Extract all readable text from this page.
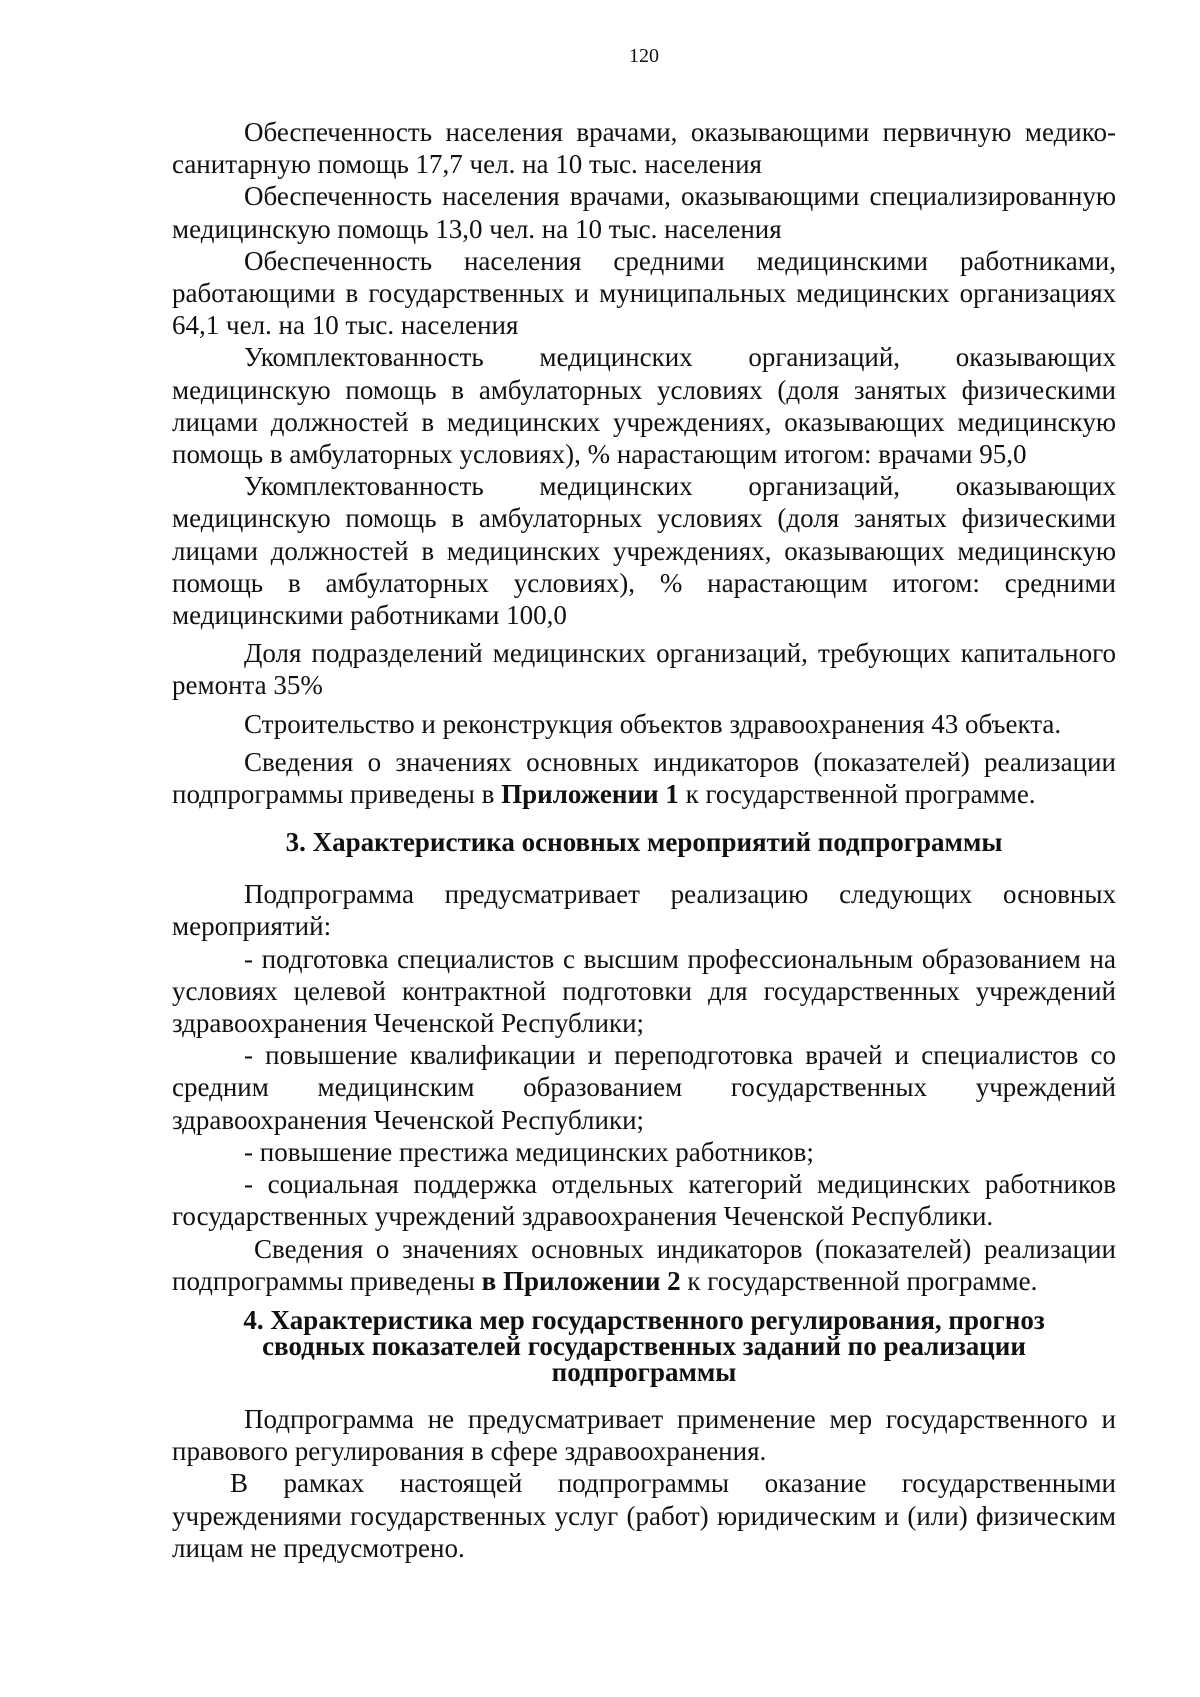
120

Обеспеченность населения врачами, оказывающими первичную медико-санитарную помощь 17,7 чел. на 10 тыс. населения

Обеспеченность населения врачами, оказывающими специализированную медицинскую помощь 13,0 чел. на 10 тыс. населения

Обеспеченность населения средними медицинскими работниками, работающими в государственных и муниципальных медицинских организациях 64,1 чел. на 10 тыс. населения

Укомплектованность медицинских организаций, оказывающих медицинскую помощь в амбулаторных условиях (доля занятых физическими лицами должностей в медицинских учреждениях, оказывающих медицинскую помощь в амбулаторных условиях), % нарастающим итогом: врачами 95,0

Укомплектованность медицинских организаций, оказывающих медицинскую помощь в амбулаторных условиях (доля занятых физическими лицами должностей в медицинских учреждениях, оказывающих медицинскую помощь в амбулаторных условиях), % нарастающим итогом: средними медицинскими работниками 100,0

Доля подразделений медицинских организаций, требующих капитального ремонта 35%

Строительство и реконструкция объектов здравоохранения 43 объекта.

Сведения о значениях основных индикаторов (показателей) реализации подпрограммы приведены в Приложении 1 к государственной программе.

3. Характеристика основных мероприятий подпрограммы

Подпрограмма предусматривает реализацию следующих основных мероприятий:

- подготовка специалистов с высшим профессиональным образованием на условиях целевой контрактной подготовки для государственных учреждений здравоохранения Чеченской Республики;

- повышение квалификации и переподготовка врачей и специалистов со средним медицинским образованием государственных учреждений здравоохранения Чеченской Республики;

- повышение престижа медицинских работников;

- социальная поддержка отдельных категорий медицинских работников государственных учреждений здравоохранения Чеченской Республики.

Сведения о значениях основных индикаторов (показателей) реализации подпрограммы приведены в Приложении 2 к государственной программе.

4. Характеристика мер государственного регулирования, прогноз сводных показателей государственных заданий по реализации подпрограммы

Подпрограмма не предусматривает применение мер государственного и правового регулирования в сфере здравоохранения.

В рамках настоящей подпрограммы оказание государственными учреждениями государственных услуг (работ) юридическим и (или) физическим лицам не предусмотрено.
